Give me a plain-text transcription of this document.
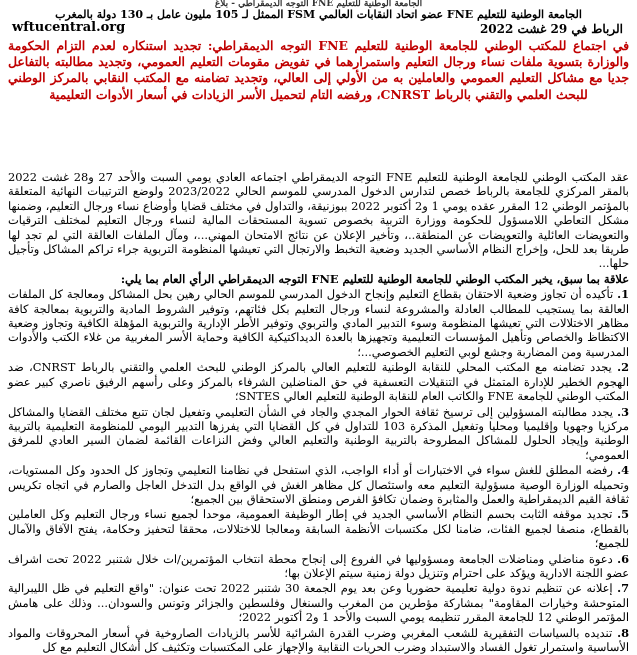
الجامعة الوطنية للتعليم FNE التوجه الديمقراطي - بلاغ
الجامعة الوطنية للتعليم FNE عضو اتحاد النقابات العالمي FSM الممثل لـ 105 مليون عامل بـ 130 دولة بالمغرب
wftucentral.org	الرباط في 29 غشت 2022
في اجتماع للمكتب الوطني للجامعة الوطنية للتعليم FNE التوجه الديمقراطي: تجديد استنكاره لعدم التزام الحكومة والوزارة بتسوية ملفات نساء ورجال التعليم واستمرارهما في تفويض مقومات التعليم العمومي، وتجديد مطالبته بالتفاعل جديا مع مشاكل التعليم العمومي والعاملين به من الأولي إلى العالي، وتجديد تضامنه مع المكتب النقابي بالمركز الوطني للبحث العلمي والتقني بالرباط CNRST، ورفضه التام لتحميل الأسر الزيادات في أسعار الأدوات التعليمية

عقد المكتب الوطني للجامعة الوطنية للتعليم FNE التوجه الديمقراطي اجتماعه العادي يومي السبت والأحد 27 و28 غشت 2022 بالمقر المركزي للجامعة بالرباط خصص لتدارس الدخول المدرسي للموسم الحالي 2023/2022 ولوضع الترتيبات النهائية المتعلقة بالمؤتمر الوطني 12 المقرر عقده يومي 1 و2 أكتوبر 2022 ببوزنيقة، والتداول في مختلف قضايا وأوضاع نساء ورجال التعليم، وضمنها مشكل التعاطي اللامسؤول للحكومة ووزارة التربية بخصوص تسوية المستحقات المالية لنساء ورجال التعليم لمختلف الترقيات والتعويضات العائلية والتعويضات عن المنطقة..، وتأخير الإعلان عن نتائج الامتحان المهني...، ومآل الملفات العالقة التي لم تجد لها طريقا بعد للحل، وإخراج النظام الأساسي الجديد وضعية التخبط والارتجال التي تعيشها المنظومة التربوية جراء تراكم المشاكل وتأجيل حلها...

علاقة بما سبق، يخبر المكتب الوطني للجامعة الوطنية للتعليم FNE التوجه الديمقراطي الرأي العام بما يلي:

1. تأكيده أن تجاوز وضعية الاحتقان بقطاع التعليم وإنجاح الدخول المدرسي للموسم الحالي رهين بحل المشاكل ومعالجة كل الملفات العالقة بما يستجيب للمطالب العادلة والمشروعة لنساء ورجال التعليم بكل فئاتهم، وتوفير الشروط المادية والتربوية بمعالجة كافة مظاهر الاختلالات التي تعيشها المنظومة وسوء التدبير المادي والتربوي وتوفير الأطر الإدارية والتربوية المؤهلة الكافية وتجاوز وضعية الاكتظاظ والخصاص وتأهيل المؤسسات التعليمية وتجهيزها بالعدة الديداكتيكية الكافية وحماية الأسر المغربية من غلاء الكتب والأدوات المدرسية ومن المضاربة وجشع لوبي التعليم الخصوصي...؛

2. يجدد تضامنه مع المكتب المحلي للنقابة الوطنية للتعليم العالي بالمركز الوطني للبحث العلمي والتقني بالرباط CNRST، ضد الهجوم الخطير للإدارة المتمثل في التنقيلات التعسفية في حق المناضلين الشرفاء بالمركز وعلى رأسهم الرفيق ناصري كبير عضو المكتب الوطني للجامعة FNE والكاتب العام للنقابة الوطنية للتعليم العالي SNTES؛

3. يجدد مطالبته المسؤولين إلى ترسيخ ثقافة الحوار المجدي والجاد في الشأن التعليمي وتفعيل لجان تتبع مختلف القضايا والمشاكل مركزيا وجهويا وإقليميا ومحليا وتفعيل المذكرة 103 للتداول في كل القضايا التي يفرزها التدبير اليومي للمنظومة التعليمية بالتربية الوطنية وإيجاد الحلول للمشاكل المطروحة بالتربية الوطنية والتعليم العالي وفض النزاعات القائمة لضمان السير العادي للمرفق العمومي؛

4. رفضه المطلق للغش سواء في الاختبارات أو أداء الواجب، الذي استفحل في نظامنا التعليمي وتجاوز كل الحدود وكل المستويات، وتحميله الوزارة الوصية مسؤولية التعليم معه واستئصال كل مظاهر الغش في الواقع بدل التدخل العاجل والصارم في اتجاه تكريس ثقافة القيم الديمقراطية والعمل والمثابرة وضمان تكافؤ الفرص ومنطق الاستحقاق بين الجميع؛

5. تجديد موقفه الثابت بحسم النظام الأساسي الجديد في إطار الوظيفة العمومية، موحدا لجميع نساء ورجال التعليم وكل العاملين بالقطاع، منصفا لجميع الفئات، ضامنا لكل مكتسبات الأنظمة السابقة ومعالجا للاختلالات، محققا لتحفيز وحكامة، يفتح الآفاق والآمال للجميع؛

6. دعوة مناضلي ومناضلات الجامعة ومسؤوليها في الفروع إلى إنجاح محطة انتخاب المؤتمرين/ات خلال شتنبر 2022 تحت اشراف عضو اللجنة الادارية ويؤكد على احترام وتنزيل دولة زمنية سيتم الإعلان بها؛

7. إعلانه عن تنظيم ندوة دولية تعليمية حضوريا وعن بعد يوم الجمعة 30 شتنبر 2022 تحت عنوان: "واقع التعليم في ظل الليبرالية المتوحشة وخيارات المقاومة" بمشاركة مؤطرين من المغرب والسنغال وفلسطين والجزائر وتونس والسودان... وذلك على هامش المؤتمر الوطني 12 للجامعة المقرر تنظيمه يومي السبت والأحد 1 و2 أكتوبر 2022؛

8. تنديده بالسياسات التفقيرية للشعب المغربي وضرب القدرة الشرائية للأسر بالزيادات الصاروخية في أسعار المحروقات والمواد الأساسية واستمرار تغول الفساد والاستبداد وضرب الحريات النقابية والإجهاز على المكتسبات وتكثيف كل أشكال التعليم مع كل
